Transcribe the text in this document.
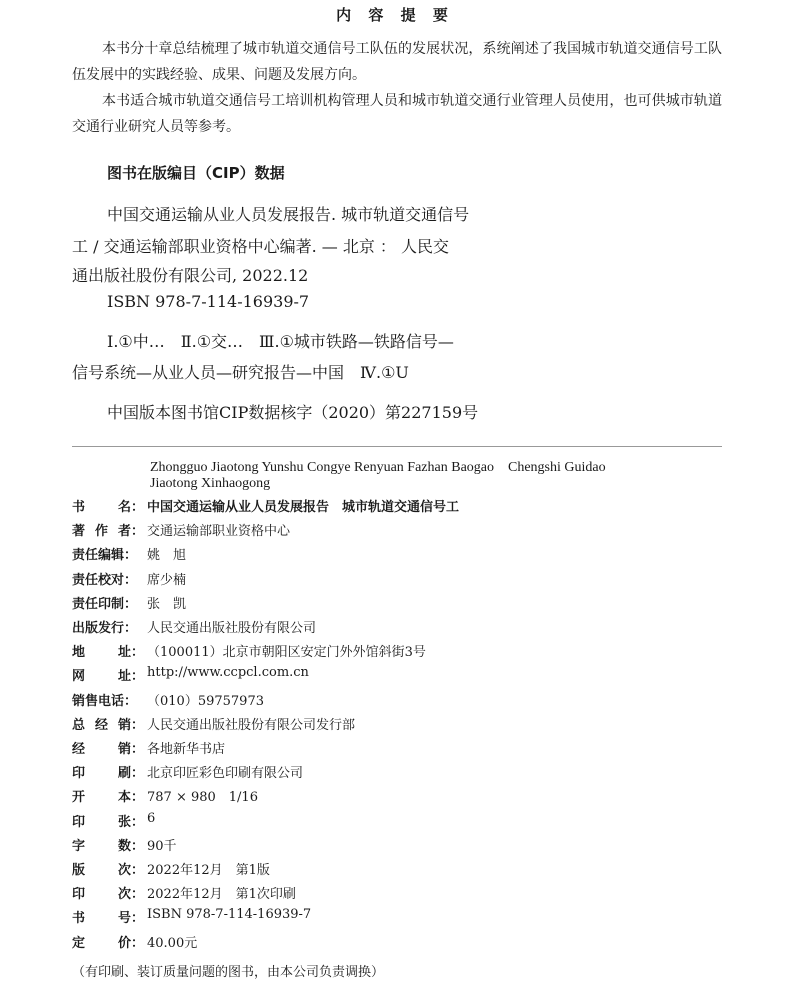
内 容 提 要
本书分十章总结梳理了城市轨道交通信号工队伍的发展状况，系统阐述了我国城市轨道交通信号工队伍发展中的实践经验、成果、问题及发展方向。
本书适合城市轨道交通信号工培训机构管理人员和城市轨道交通行业管理人员使用，也可供城市轨道交通行业研究人员等参考。
图书在版编目（CIP）数据
中国交通运输从业人员发展报告. 城市轨道交通信号
工 / 交通运输部职业资格中心编著. — 北京 ： 人民交
通出版社股份有限公司, 2022.12
ISBN 978-7-114-16939-7
Ⅰ.①中…　Ⅱ.①交…　Ⅲ.①城市铁路—铁路信号—
信号系统—从业人员—研究报告—中国　Ⅳ.①U
中国版本图书馆CIP数据核字（2020）第227159号
Zhongguo Jiaotong Yunshu Congye Renyuan Fazhan Baogao　Chengshi Guidao
Jiaotong Xinhaogong
书	名： 中国交通运输从业人员发展报告　城市轨道交通信号工
著 作 者： 交通运输部职业资格中心
责任编辑： 姚　旭
责任校对： 席少楠
责任印制： 张　凯
出版发行： 人民交通出版社股份有限公司
地	址： （100011）北京市朝阳区安定门外外馆斜街3号
网	址： http://www.ccpcl.com.cn
销售电话： （010）59757973
总 经 销： 人民交通出版社股份有限公司发行部
经	销： 各地新华书店
印	刷： 北京印匠彩色印刷有限公司
开	本： 787 × 980　1/16
印	张： 6
字	数： 90千
版	次： 2022年12月　第1版
印	次： 2022年12月　第1次印刷
书	号： ISBN 978-7-114-16939-7
定	价： 40.00元
（有印刷、装订质量问题的图书，由本公司负责调换）
